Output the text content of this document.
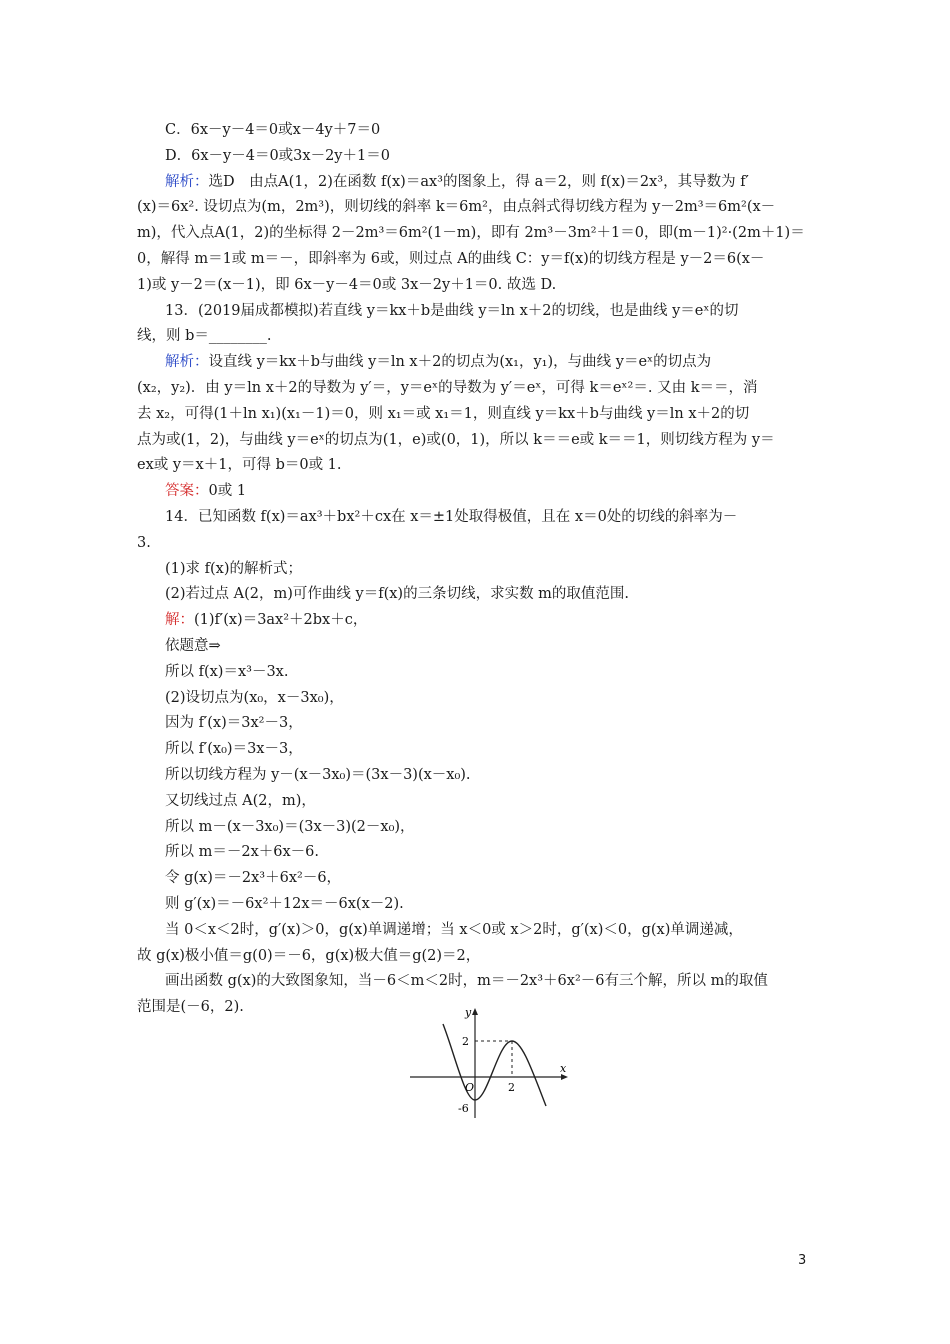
C．6x－y－4＝0或x－4y＋7＝0

D．6x－y－4＝0或3x－2y＋1＝0

解析：选D　由点A(1，2)在函数 f(x)＝ax³的图象上，得 a＝2，则 f(x)＝2x³，其导数为 f′

(x)＝6x². 设切点为(m，2m³)，则切线的斜率 k＝6m²，由点斜式得切线方程为 y－2m³＝6m²(x－

m)，代入点A(1，2)的坐标得 2－2m³＝6m²(1－m)，即有 2m³－3m²＋1＝0，即(m－1)²·(2m＋1)＝

0，解得 m＝1或 m＝－，即斜率为 6或，则过点 A的曲线 C：y＝f(x)的切线方程是 y－2＝6(x－

1)或 y－2＝(x－1)，即 6x－y－4＝0或 3x－2y＋1＝0. 故选 D.

13．(2019届成都模拟)若直线 y＝kx＋b是曲线 y＝ln x＋2的切线，也是曲线 y＝eˣ的切

线，则 b＝________.

解析：设直线 y＝kx＋b与曲线 y＝ln x＋2的切点为(x₁，y₁)，与曲线 y＝eˣ的切点为

(x₂，y₂)．由 y＝ln x＋2的导数为 y′＝，y＝eˣ的导数为 y′＝eˣ，可得 k＝eˣ²＝. 又由 k＝＝，消

去 x₂，可得(1＋ln x₁)(x₁－1)＝0，则 x₁＝或 x₁＝1，则直线 y＝kx＋b与曲线 y＝ln x＋2的切

点为或(1，2)，与曲线 y＝eˣ的切点为(1，e)或(0，1)，所以 k＝＝e或 k＝＝1，则切线方程为 y＝

ex或 y＝x＋1，可得 b＝0或 1.

答案：0或 1

14．已知函数 f(x)＝ax³＋bx²＋cx在 x＝±1处取得极值，且在 x＝0处的切线的斜率为－

3.

(1)求 f(x)的解析式；

(2)若过点 A(2，m)可作曲线 y＝f(x)的三条切线，求实数 m的取值范围.

解：(1)f′(x)＝3ax²＋2bx＋c，

依题意⇒

所以 f(x)＝x³－3x.

(2)设切点为(x₀，x－3x₀)，

因为 f′(x)＝3x²－3，

所以 f′(x₀)＝3x－3，

所以切线方程为 y－(x－3x₀)＝(3x－3)(x－x₀).

又切线过点 A(2，m)，

所以 m－(x－3x₀)＝(3x－3)(2－x₀)，

所以 m＝－2x＋6x－6.

令 g(x)＝－2x³＋6x²－6，

则 g′(x)＝－6x²＋12x＝－6x(x－2).

当 0＜x＜2时，g′(x)＞0，g(x)单调递增；当 x＜0或 x＞2时，g′(x)＜0，g(x)单调递减，

故 g(x)极小值＝g(0)＝－6，g(x)极大值＝g(2)＝2，

画出函数 g(x)的大致图象知，当－6＜m＜2时，m＝－2x³＋6x²－6有三个解，所以 m的取值

范围是(－6，2).	y
x
O
2
2
-6
3
